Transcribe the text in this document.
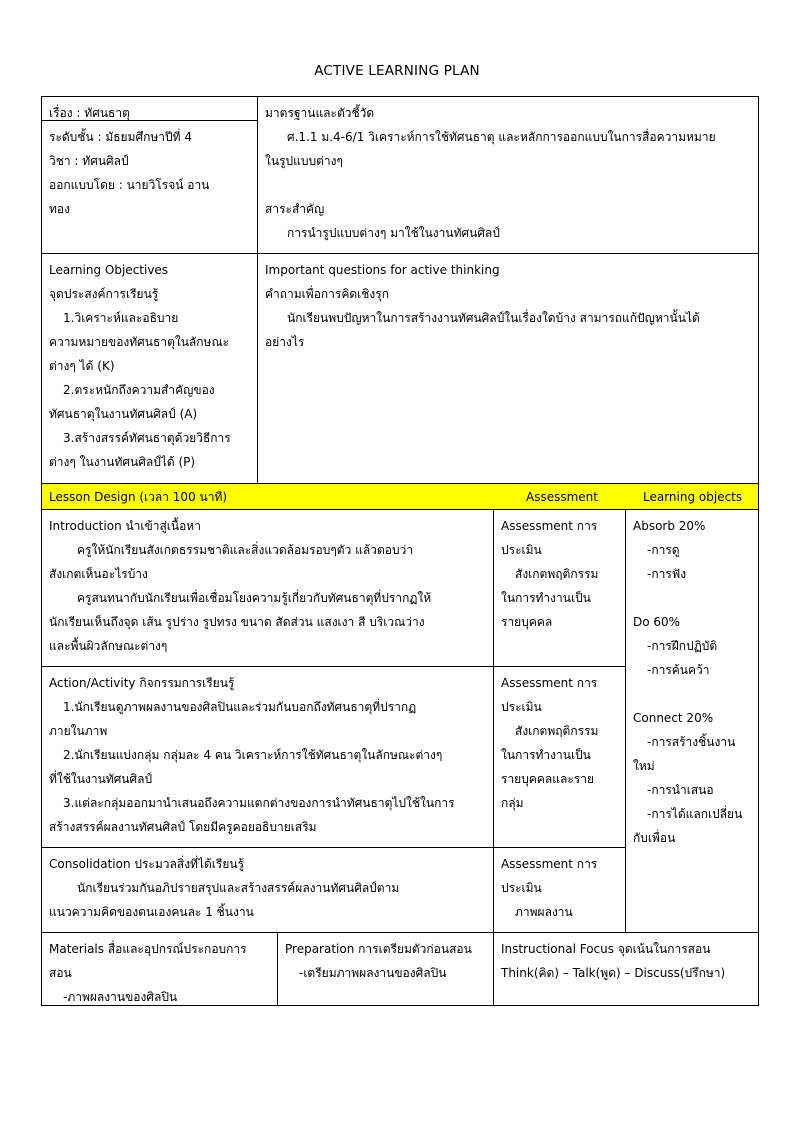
ACTIVE LEARNING PLAN
เรื่อง : ทัศนธาตุ
ระดับชั้น : มัธยมศึกษาปีที่ 4
วิชา : ทัศนศิลป์
ออกแบบโดย : นายวิโรจน์ อาน
ทอง
มาตรฐานและตัวชี้วัด
ศ.1.1 ม.4-6/1 วิเคราะห์การใช้ทัศนธาตุ และหลักการออกแบบในการสื่อความหมาย
ในรูปแบบต่างๆ
สาระสำคัญ
การนำรูปแบบต่างๆ มาใช้ในงานทัศนศิลป์
Learning Objectives
จุดประสงค์การเรียนรู้
1.วิเคราะห์และอธิบาย
ความหมายของทัศนธาตุในลักษณะ
ต่างๆ ได้ (K)
2.ตระหนักถึงความสำคัญของ
ทัศนธาตุในงานทัศนศิลป์ (A)
3.สร้างสรรค์ทัศนธาตุด้วยวิธีการ
ต่างๆ ในงานทัศนศิลป์ได้ (P)
Important questions for active thinking
คำถามเพื่อการคิดเชิงรุก
นักเรียนพบปัญหาในการสร้างงานทัศนศิลป์ในเรื่องใดบ้าง สามารถแก้ปัญหานั้นได้
อย่างไร
Lesson Design (เวลา 100 นาที)	Assessment	Learning objects
Introduction นำเข้าสู่เนื้อหา
ครูให้นักเรียนสังเกตธรรมชาติและสิ่งแวดล้อมรอบๆตัว แล้วตอบว่า
สังเกตเห็นอะไรบ้าง
ครูสนทนากับนักเรียนเพื่อเชื่อมโยงความรู้เกี่ยวกับทัศนธาตุที่ปรากฏให้
นักเรียนเห็นถึงจุด เส้น รูปร่าง รูปทรง ขนาด สัดส่วน แสงเงา สี บริเวณว่าง
และพื้นผิวลักษณะต่างๆ
Assessment การ
ประเมิน
สังเกตพฤติกรรม
ในการทำงานเป็น
รายบุคคล
Action/Activity กิจกรรมการเรียนรู้
1.นักเรียนดูภาพผลงานของศิลปินและร่วมกันบอกถึงทัศนธาตุที่ปรากฏ
ภายในภาพ
2.นักเรียนแบ่งกลุ่ม กลุ่มละ 4 คน วิเคราะห์การใช้ทัศนธาตุในลักษณะต่างๆ
ที่ใช้ในงานทัศนศิลป์
3.แต่ละกลุ่มออกมานำเสนอถึงความแตกต่างของการนำทัศนธาตุไปใช้ในการ
สร้างสรรค์ผลงานทัศนศิลป์ โดยมีครูคอยอธิบายเสริม
Assessment การ
ประเมิน
สังเกตพฤติกรรม
ในการทำงานเป็น
รายบุคคลและราย
กลุ่ม
Consolidation ประมวลสิ่งที่ได้เรียนรู้
นักเรียนร่วมกันอภิปรายสรุปและสร้างสรรค์ผลงานทัศนศิลป์ตาม
แนวความคิดของตนเองคนละ 1 ชิ้นงาน
Assessment การ
ประเมิน
ภาพผลงาน
Absorb 20%
-การดู
-การฟัง
Do 60%
-การฝึกปฏิบัติ
-การค้นคว้า
Connect 20%
-การสร้างชิ้นงาน
ใหม่
-การนำเสนอ
-การได้แลกเปลี่ยน
กับเพื่อน
Materials สื่อและอุปกรณ์ประกอบการ
สอน
-ภาพผลงานของศิลปิน
Preparation การเตรียมตัวก่อนสอน
-เตรียมภาพผลงานของศิลปิน
Instructional Focus จุดเน้นในการสอน
Think(คิด) – Talk(พูด) – Discuss(ปรึกษา)
